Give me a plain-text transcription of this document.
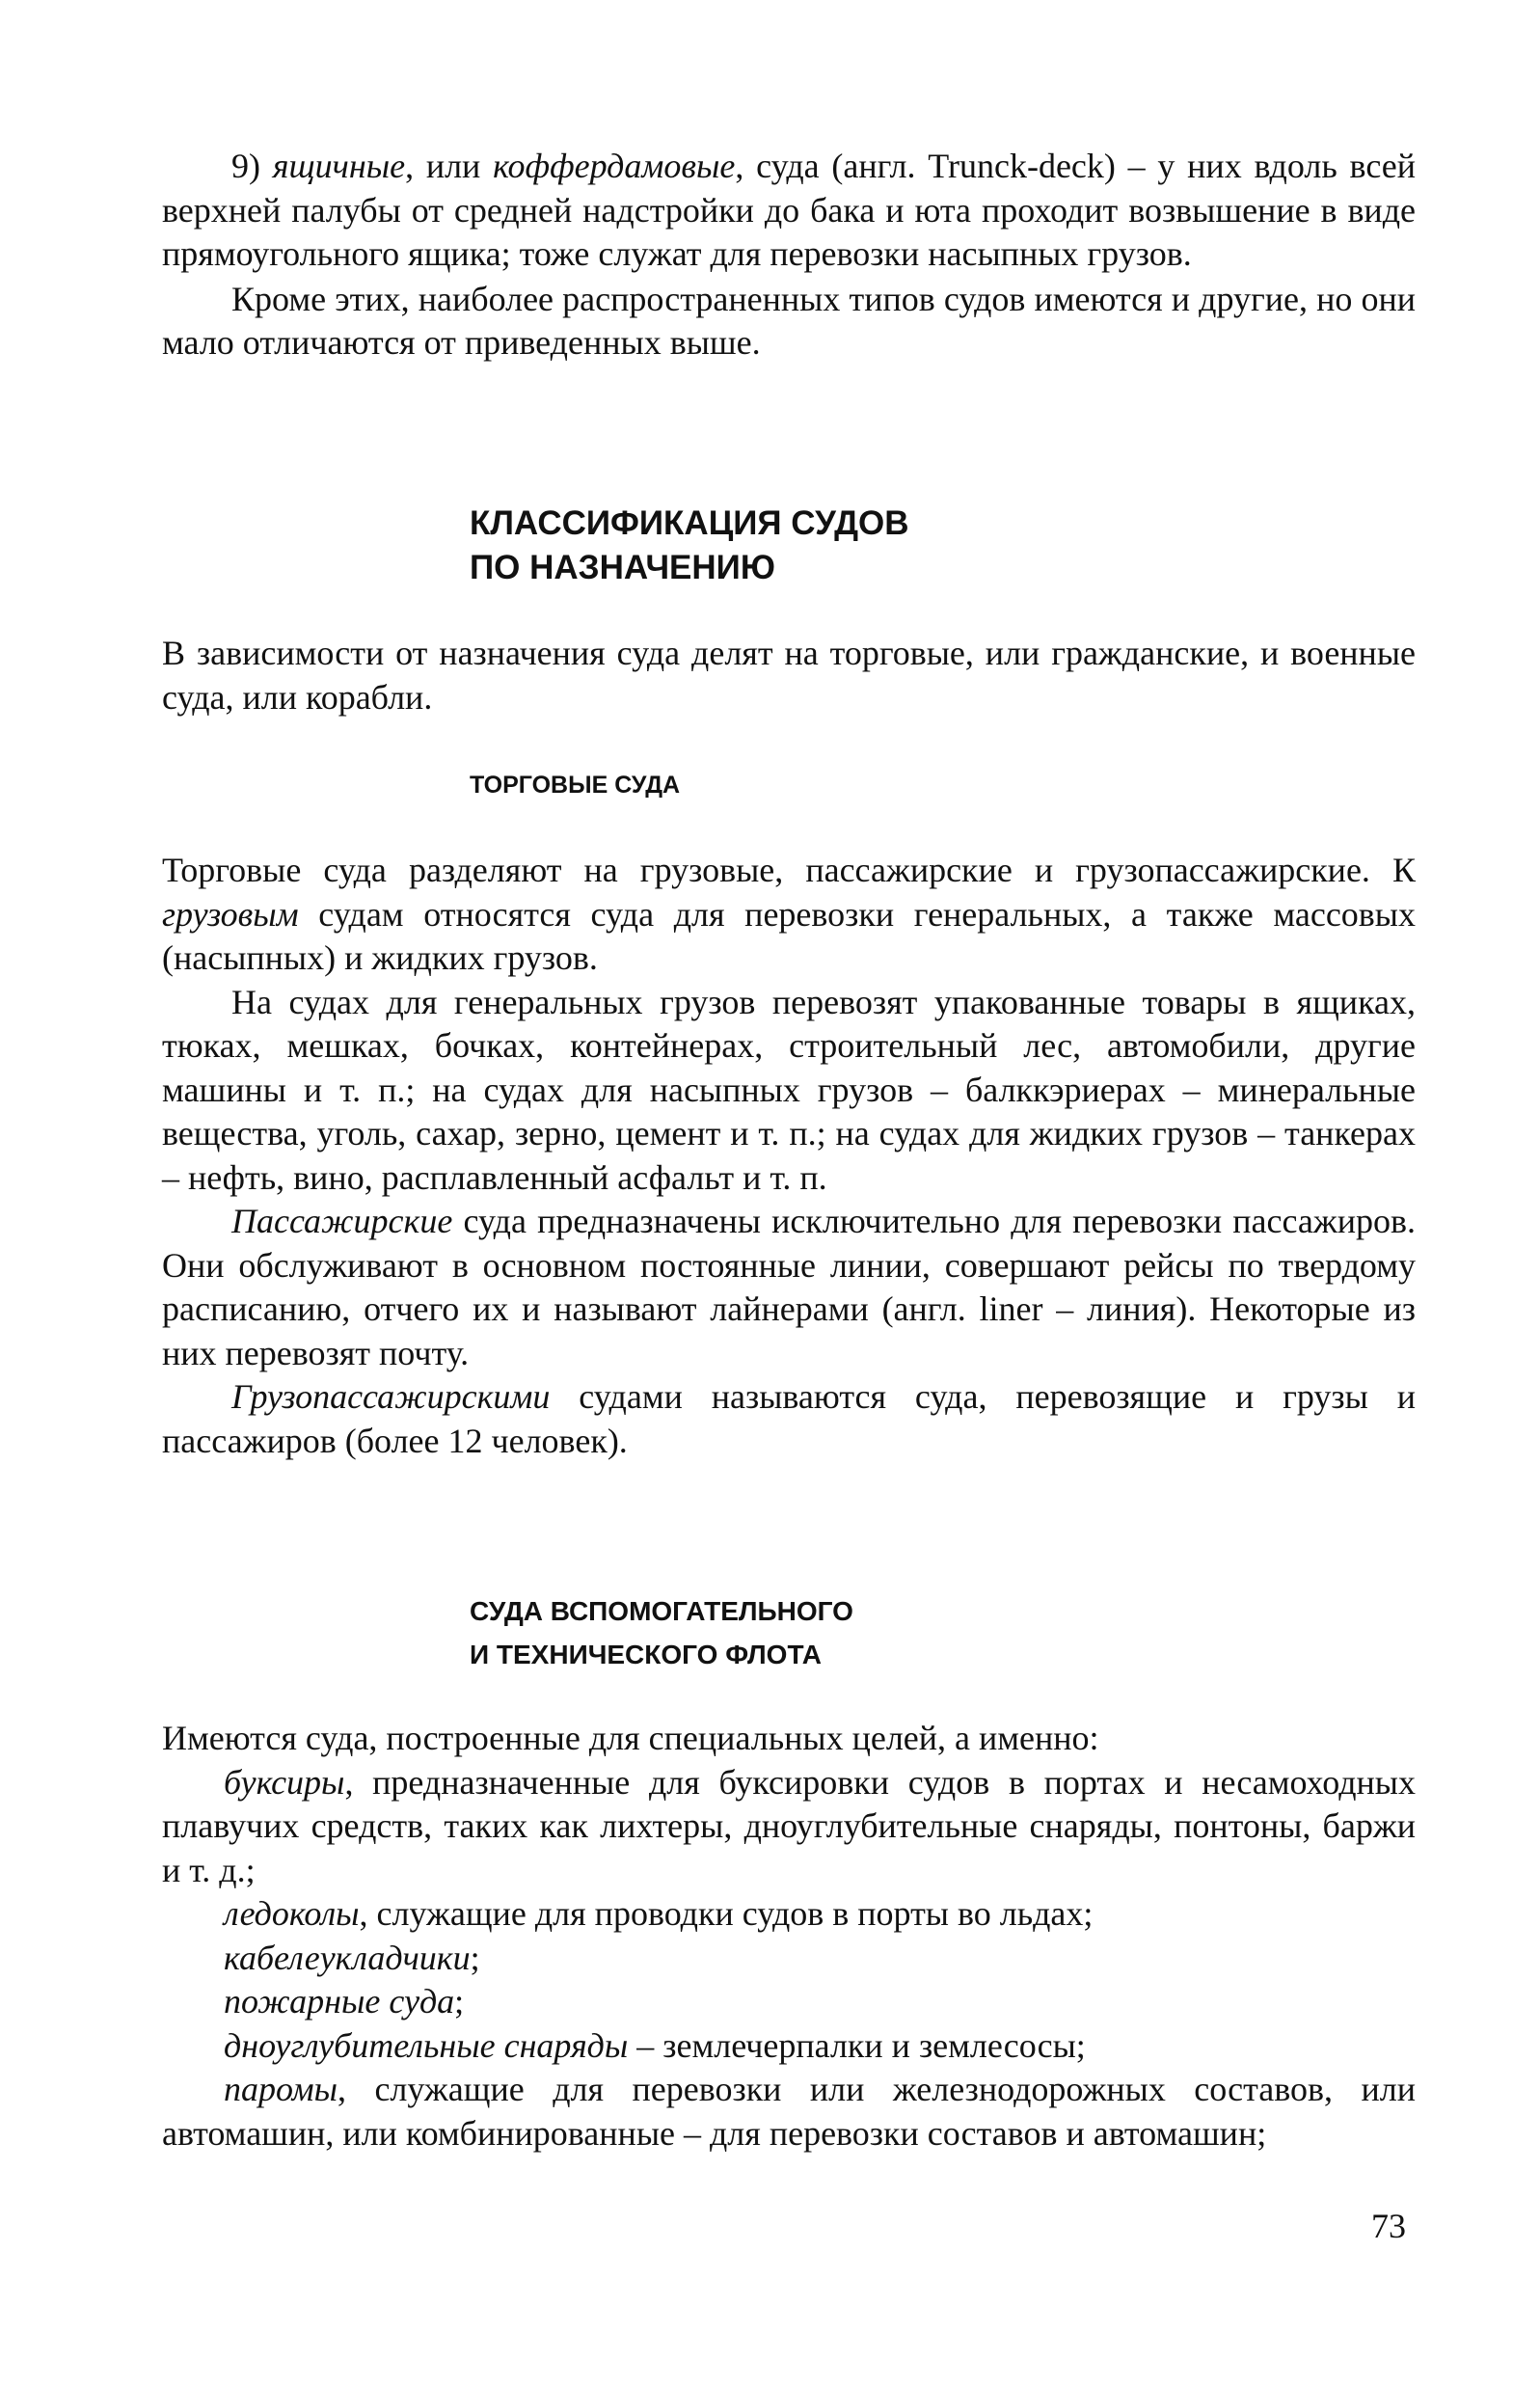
9) ящичные, или коффердамовые, суда (англ. Trunck-deck) – у них вдоль всей верхней палубы от средней надстройки до бака и юта проходит возвышение в виде прямоугольного ящика; тоже служат для перевозки насыпных грузов.

Кроме этих, наиболее распространенных типов судов имеются и другие, но они мало отличаются от приведенных выше.

КЛАССИФИКАЦИЯ СУДОВ
ПО НАЗНАЧЕНИЮ

В зависимости от назначения суда делят на торговые, или гражданские, и военные суда, или корабли.

ТОРГОВЫЕ СУДА

Торговые суда разделяют на грузовые, пассажирские и грузопассажирские. К грузовым судам относятся суда для перевозки генеральных, а также массовых (насыпных) и жидких грузов.

На судах для генеральных грузов перевозят упакованные товары в ящиках, тюках, мешках, бочках, контейнерах, строительный лес, автомобили, другие машины и т. п.; на судах для насыпных грузов – балккэриерах – минеральные вещества, уголь, сахар, зерно, цемент и т. п.; на судах для жидких грузов – танкерах – нефть, вино, расплавленный асфальт и т. п.

Пассажирские суда предназначены исключительно для перевозки пассажиров. Они обслуживают в основном постоянные линии, совершают рейсы по твердому расписанию, отчего их и называют лайнерами (англ. liner – линия). Некоторые из них перевозят почту.

Грузопассажирскими судами называются суда, перевозящие и грузы и пассажиров (более 12 человек).

СУДА ВСПОМОГАТЕЛЬНОГО
И ТЕХНИЧЕСКОГО ФЛОТА

Имеются суда, построенные для специальных целей, а именно:

буксиры, предназначенные для буксировки судов в портах и несамоходных плавучих средств, таких как лихтеры, дноуглубительные снаряды, понтоны, баржи и т. д.;

ледоколы, служащие для проводки судов в порты во льдах;

кабелеукладчики;

пожарные суда;

дноуглубительные снаряды – землечерпалки и землесосы;

паромы, служащие для перевозки или железнодорожных составов, или автомашин, или комбинированные – для перевозки составов и автомашин;

73
